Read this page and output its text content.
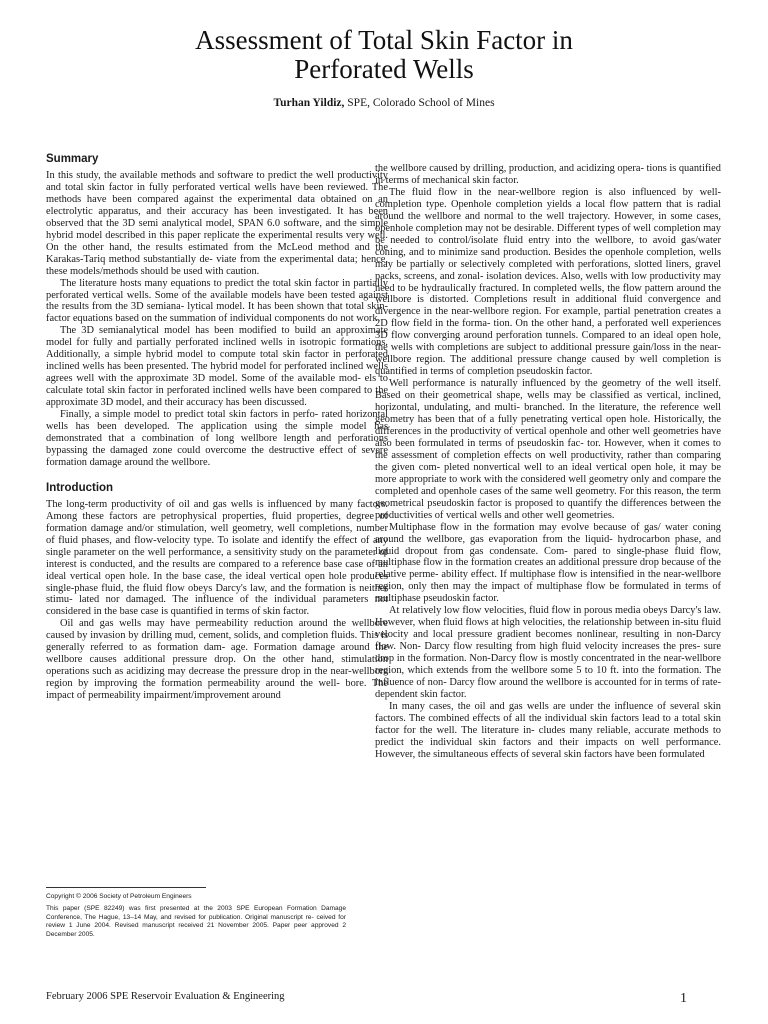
Assessment of Total Skin Factor in
Perforated Wells
Turhan Yildiz, SPE, Colorado School of Mines
Summary

In this study, the available methods and software to predict the well productivity and total skin factor in fully perforated vertical wells have been reviewed. The methods have been compared against the experimental data obtained on an electrolytic apparatus, and their accuracy has been investigated. It has been observed that the 3D semi analytical model, SPAN 6.0 software, and the simple hybrid model described in this paper replicate the experimental results very well. On the other hand, the results estimated from the McLeod method and the Karakas-Tariq method substantially de- viate from the experimental data; hence, these models/methods should be used with caution.

The literature hosts many equations to predict the total skin factor in partially perforated vertical wells. Some of the available models have been tested against the results from the 3D semiana- lytical model. It has been shown that total skin-factor equations based on the summation of individual components do not work.

The 3D semianalytical model has been modified to build an approximate model for fully and partially perforated inclined wells in isotropic formations. Additionally, a simple hybrid model to compute total skin factor in perforated inclined wells has been presented. The hybrid model for perforated inclined wells agrees well with the approximate 3D model. Some of the available mod- els to calculate total skin factor in perforated inclined wells have been compared to the approximate 3D model, and their accuracy has been discussed.

Finally, a simple model to predict total skin factors in perfo- rated horizontal wells has been developed. The application using the simple model has demonstrated that a combination of long wellbore length and perforations bypassing the damaged zone could overcome the destructive effect of severe formation damage around the wellbore.

Introduction

The long-term productivity of oil and gas wells is influenced by many factors. Among these factors are petrophysical properties, fluid properties, degree of formation damage and/or stimulation, well geometry, well completions, number of fluid phases, and flow-velocity type. To isolate and identify the effect of any single parameter on the well performance, a sensitivity study on the parameter of interest is conducted, and the results are compared to a reference base case of an ideal vertical open hole. In the base case, the ideal vertical open hole produces single-phase fluid, the fluid flow obeys Darcy's law, and the formation is neither stimu- lated nor damaged. The influence of the individual parameters not considered in the base case is quantified in terms of skin factor.

Oil and gas wells may have permeability reduction around the wellbore caused by invasion by drilling mud, cement, solids, and completion fluids. This is generally referred to as formation dam- age. Formation damage around the wellbore causes additional pressure drop. On the other hand, stimulation operations such as acidizing may decrease the pressure drop in the near-wellbore region by improving the formation permeability around the well- bore. The impact of permeability impairment/improvement around

the wellbore caused by drilling, production, and acidizing opera- tions is quantified in terms of mechanical skin factor.

The fluid flow in the near-wellbore region is also influenced by well-completion type. Openhole completion yields a local flow pattern that is radial around the wellbore and normal to the well trajectory. However, in some cases, openhole completion may not be desirable. Different types of well completion may be needed to control/isolate fluid entry into the wellbore, to avoid gas/water coning, and to minimize sand production. Besides the openhole completion, wells may be partially or selectively completed with perforations, slotted liners, gravel packs, screens, and zonal- isolation devices. Also, wells with low productivity may need to be hydraulically fractured. In completed wells, the flow pattern around the wellbore is distorted. Completions result in additional fluid convergence and divergence in the near-wellbore region. For example, partial penetration creates a 2D flow field in the forma- tion. On the other hand, a perforated well experiences 3D flow converging around perforation tunnels. Compared to an ideal open hole, the wells with completions are subject to additional pressure gain/loss in the near-wellbore region. The additional pressure change caused by well completion is quantified in terms of completion pseudoskin factor.

Well performance is naturally influenced by the geometry of the well itself. Based on their geometrical shape, wells may be classified as vertical, inclined, horizontal, undulating, and multi- branched. In the literature, the reference well geometry has been that of a fully penetrating vertical open hole. Historically, the differences in the productivity of vertical openhole and other well geometries have also been formulated in terms of pseudoskin fac- tor. However, when it comes to the assessment of completion effects on well productivity, rather than comparing the given com- pleted nonvertical well to an ideal vertical open hole, it may be more appropriate to work with the considered well geometry only and compare the completed and openhole cases of the same well geometry. For this reason, the term geometrical pseudoskin factor is proposed to quantify the differences between the productivities of vertical wells and other well geometries.

Multiphase flow in the formation may evolve because of gas/ water coning around the wellbore, gas evaporation from the liquid- hydrocarbon phase, and liquid dropout from gas condensate. Com- pared to single-phase fluid flow, multiphase flow in the formation creates an additional pressure drop because of the relative perme- ability effect. If multiphase flow is intensified in the near-wellbore region, only then may the impact of multiphase flow be formulated in terms of multiphase pseudoskin factor.

At relatively low flow velocities, fluid flow in porous media obeys Darcy's law. However, when fluid flows at high velocities, the relationship between in-situ fluid velocity and local pressure gradient becomes nonlinear, resulting in non-Darcy flow. Non- Darcy flow resulting from high fluid velocity increases the pres- sure drop in the formation. Non-Darcy flow is mostly concentrated in the near-wellbore region, which extends from the wellbore some 5 to 10 ft. into the formation. The influence of non- Darcy flow around the wellbore is accounted for in terms of rate- dependent skin factor.

In many cases, the oil and gas wells are under the influence of several skin factors. The combined effects of all the individual skin factors lead to a total skin factor for the well. The literature in- cludes many reliable, accurate methods to predict the individual skin factors and their impacts on well performance. However, the simultaneous effects of several skin factors have been formulated

Copyright © 2006 Society of Petroleum Engineers

This paper (SPE 82249) was first presented at the 2003 SPE European Formation Damage Conference, The Hague, 13–14 May, and revised for publication. Original manuscript re- ceived for review 1 June 2004. Revised manuscript received 21 November 2005. Paper peer approved 2 December 2005.

February 2006 SPE Reservoir Evaluation & Engineering	1
